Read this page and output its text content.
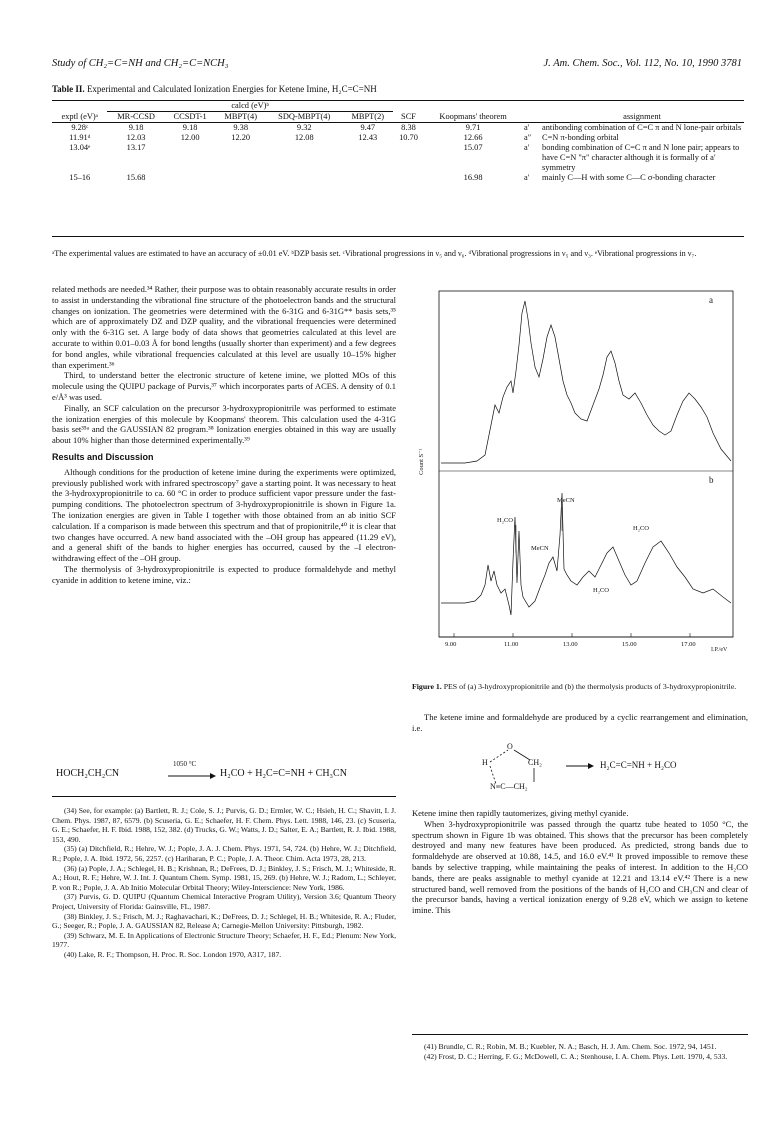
Study of CH₂=C=NH and CH₂=C=NCH₃	J. Am. Chem. Soc., Vol. 112, No. 10, 1990 3781
Table II. Experimental and Calculated Ionization Energies for Ketene Imine, H₂C=C=NH
	calcd (eV)ᵇ								
exptl (eV)ᵃ	MR-CCSD	CCSDT-1	MBPT(4)	SDQ-MBPT(4)	MBPT(2)	SCF	Koopmans' theorem		assignment
9.28ᶜ	9.18	9.18	9.38	9.32	9.47	8.38	9.71	a′	antibonding combination of C=C π and N lone-pair orbitals
11.91ᵈ	12.03	12.00	12.20	12.08	12.43	10.70	12.66	a″	C=N π-bonding orbital
13.04ᵉ	13.17						15.07	a′	bonding combination of C=C π and N lone pair; appears to have C=N "π" character although it is formally of a′ symmetry
15–16	15.68						16.98	a′	mainly C—H with some C—C σ-bonding character
ᵃThe experimental values are estimated to have an accuracy of ±0.01 eV. ᵇDZP basis set. ᶜVibrational progressions in ν₅ and ν₆. ᵈVibrational progressions in ν₅ and ν₃. ᵉVibrational progressions in ν₇.

related methods are needed.³⁴ Rather, their purpose was to obtain reasonably accurate results in order to assist in understanding the vibrational fine structure of the photoelectron bands and the structural changes on ionization. The geometries were determined with the 6-31G and 6-31G** basis sets,³⁵ which are of approximately DZ and DZP quality, and the vibrational frequencies were determined only with the 6-31G set. A large body of data shows that geometries calculated at this level are accurate to within 0.01–0.03 Å for bond lengths (usually shorter than experiment) and a few degrees for bond angles, while vibrational frequencies calculated at this level are usually 10–15% higher than experiment.³⁶

Third, to understand better the electronic structure of ketene imine, we plotted MOs of this molecule using the QUIPU package of Purvis,³⁷ which incorporates parts of ACES. A density of 0.1 e/Å³ was used.

Finally, an SCF calculation on the precursor 3-hydroxypropionitrile was performed to estimate the ionization energies of this molecule by Koopmans' theorem. This calculation used the 4-31G basis set³⁵ᵃ and the GAUSSIAN 82 program.³⁸ Ionization energies obtained in this way are usually about 10% higher than those determined experimentally.³⁹

Results and Discussion

Although conditions for the production of ketene imine during the experiments were optimized, previously published work with infrared spectroscopy⁷ gave a starting point. It was necessary to heat the 3-hydroxypropionitrile to ca. 60 °C in order to produce sufficient vapor pressure under the fast-pumping conditions. The photoelectron spectrum of 3-hydroxypropionitrile is shown in Figure 1a. The ionization energies are given in Table I together with those obtained from an ab initio SCF calculation. If a comparison is made between this spectrum and that of propionitrile,⁴⁰ it is clear that two changes have occurred. A new band associated with the –OH group has appeared (11.29 eV), and a general shift of the bands to higher energies has occurred, caused by the –I electron-withdrawing effect of the –OH group.

The thermolysis of 3-hydroxypropionitrile is expected to produce formaldehyde and methyl cyanide in addition to ketene imine, viz.:

HOCH₂CH₂CN
1050 °C
H₂CO + H₂C=C=NH + CH₃CN

(34) See, for example: (a) Bartlett, R. J.; Cole, S. J.; Purvis, G. D.; Ermler, W. C.; Hsieh, H. C.; Shavitt, I. J. Chem. Phys. 1987, 87, 6579. (b) Scuseria, G. E.; Schaefer, H. F. Chem. Phys. Lett. 1988, 146, 23. (c) Scuseria, G. E.; Schaefer, H. F. Ibid. 1988, 152, 382. (d) Trucks, G. W.; Watts, J. D.; Salter, E. A.; Bartlett, R. J. Ibid. 1988, 153, 490.

(35) (a) Ditchfield, R.; Hehre, W. J.; Pople, J. A. J. Chem. Phys. 1971, 54, 724. (b) Hehre, W. J.; Ditchfield, R.; Pople, J. A. Ibid. 1972, 56, 2257. (c) Hariharan, P. C.; Pople, J. A. Theor. Chim. Acta 1973, 28, 213.

(36) (a) Pople, J. A.; Schlegel, H. B.; Krishnan, R.; DeFrees, D. J.; Binkley, J. S.; Frisch, M. J.; Whiteside, R. A.; Hout, R. F.; Hehre, W. J. Int. J. Quantum Chem. Symp. 1981, 15, 269. (b) Hehre, W. J.; Radom, L.; Schleyer, P. von R.; Pople, J. A. Ab Initio Molecular Orbital Theory; Wiley-Interscience: New York, 1986.

(37) Purvis, G. D. QUIPU (Quantum Chemical Interactive Program Utility), Version 3.6; Quantum Theory Project, University of Florida: Gainsville, FL, 1987.

(38) Binkley, J. S.; Frisch, M. J.; Raghavachari, K.; DeFrees, D. J.; Schlegel, H. B.; Whiteside, R. A.; Fluder, G.; Seeger, R.; Pople, J. A. GAUSSIAN 82, Release A; Carnegie-Mellon University: Pittsburgh, 1982.

(39) Schwarz, M. E. In Applications of Electronic Structure Theory; Schaefer, H. F., Ed.; Plenum: New York, 1977.

(40) Lake, R. F.; Thompson, H. Proc. R. Soc. London 1970, A317, 187.

a
b
Count S⁻¹
H₂CO
MeCN
MeCN
H₂CO
H₂CO
9.00	11.00	13.00	15.00	17.00
I.P./eV
Figure 1. PES of (a) 3-hydroxypropionitrile and (b) the thermolysis products of 3-hydroxypropionitrile.

The ketene imine and formaldehyde are produced by a cyclic rearrangement and elimination, i.e.

H
O
CH₂
N≡C—CH₂
H₂C=C=NH + H₂CO

Ketene imine then rapidly tautomerizes, giving methyl cyanide.

When 3-hydroxypropionitrile was passed through the quartz tube heated to 1050 °C, the spectrum shown in Figure 1b was obtained. This shows that the precursor has been completely destroyed and many new features have been produced. As predicted, strong bands due to formaldehyde are observed at 10.88, 14.5, and 16.0 eV.⁴¹ It proved impossible to remove these bands by selective trapping, while maintaining the peaks of interest. In addition to the H₂CO bands, there are peaks assignable to methyl cyanide at 12.21 and 13.14 eV.⁴² There is a new structured band, well removed from the positions of the bands of H₂CO and CH₃CN and clear of the precursor bands, having a vertical ionization energy of 9.28 eV, which we assign to ketene imine. This

(41) Brundle, C. R.; Robin, M. B.; Kuebler, N. A.; Basch, H. J. Am. Chem. Soc. 1972, 94, 1451.

(42) Frost, D. C.; Herring, F. G.; McDowell, C. A.; Stenhouse, I. A. Chem. Phys. Lett. 1970, 4, 533.
